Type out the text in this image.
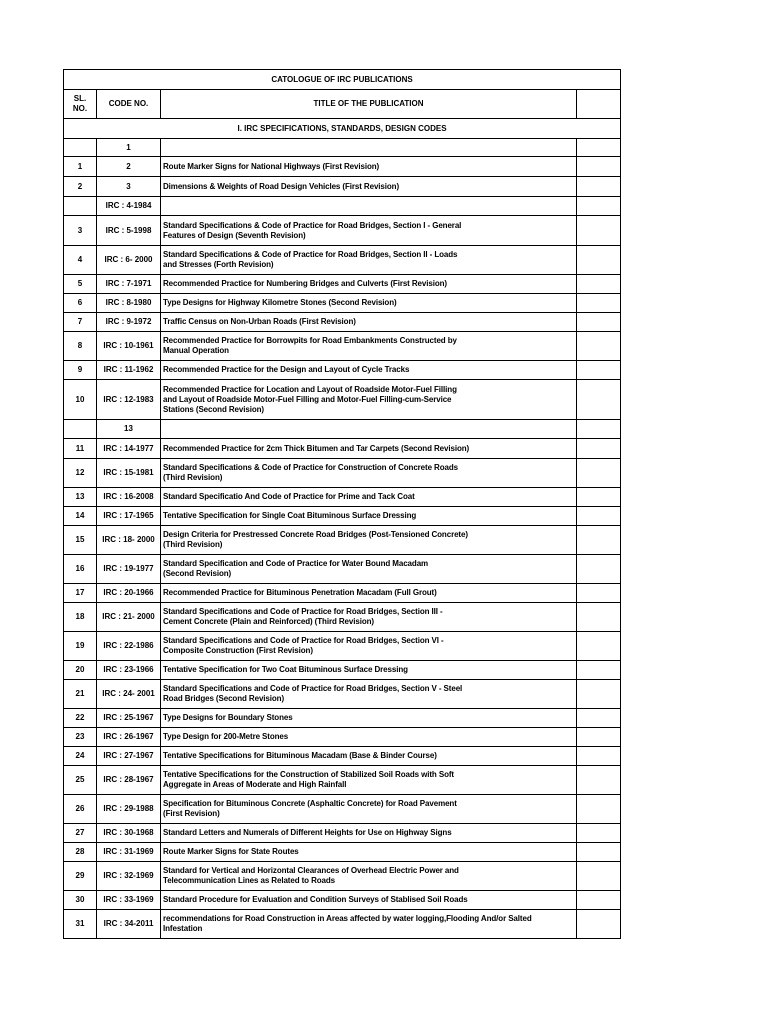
CATOLOGUE OF IRC PUBLICATIONS			
SL. NO.	CODE NO.	TITLE OF THE PUBLICATION	
I. IRC SPECIFICATIONS, STANDARDS, DESIGN CODES			
	1		
1	2	Route Marker Signs for National Highways (First Revision)	
2	3	Dimensions & Weights of Road Design Vehicles (First Revision)	
	IRC : 4-1984		
3	IRC : 5-1998	Standard Specifications & Code of Practice for Road Bridges, Section I - General
Features of Design (Seventh Revision)	
4	IRC : 6- 2000	Standard Specifications & Code of Practice for Road Bridges, Section II - Loads
and Stresses (Forth Revision)	
5	IRC : 7-1971	Recommended Practice for Numbering Bridges and Culverts (First Revision)	
6	IRC : 8-1980	Type Designs for Highway Kilometre Stones (Second Revision)	
7	IRC : 9-1972	Traffic Census on Non-Urban Roads (First Revision)	
8	IRC : 10-1961	Recommended Practice for Borrowpits for Road Embankments Constructed by
Manual Operation	
9	IRC : 11-1962	Recommended Practice for the Design and Layout of Cycle Tracks	
10	IRC : 12-1983	Recommended Practice for Location and Layout of Roadside Motor-Fuel Filling
and Layout of Roadside Motor-Fuel Filling and Motor-Fuel Filling-cum-Service
Stations (Second Revision)	
	13		
11	IRC : 14-1977	Recommended Practice for 2cm Thick Bitumen and Tar Carpets (Second Revision)	
12	IRC : 15-1981	Standard Specifications & Code of Practice for Construction of Concrete Roads
(Third Revision)	
13	IRC : 16-2008	Standard Specificatio And Code of Practice for Prime and Tack Coat	
14	IRC : 17-1965	Tentative Specification for Single Coat Bituminous Surface Dressing	
15	IRC : 18- 2000	Design Criteria for Prestressed Concrete Road Bridges (Post-Tensioned Concrete)
(Third Revision)	
16	IRC : 19-1977	Standard Specification and Code of Practice for Water Bound Macadam
(Second Revision)	
17	IRC : 20-1966	Recommended Practice for Bituminous Penetration Macadam (Full Grout)	
18	IRC : 21- 2000	Standard Specifications and Code of Practice for Road Bridges, Section III -
Cement Concrete (Plain and Reinforced) (Third Revision)	
19	IRC : 22-1986	Standard Specifications and Code of Practice for Road Bridges, Section VI -
Composite Construction (First Revision)	
20	IRC : 23-1966	Tentative Specification for Two Coat Bituminous Surface Dressing	
21	IRC : 24- 2001	Standard Specifications and Code of Practice for Road Bridges, Section V - Steel
Road Bridges (Second Revision)	
22	IRC : 25-1967	Type Designs for Boundary Stones	
23	IRC : 26-1967	Type Design for 200-Metre Stones	
24	IRC : 27-1967	Tentative Specifications for Bituminous Macadam (Base & Binder Course)	
25	IRC : 28-1967	Tentative Specifications for the Construction of Stabilized Soil Roads with Soft
Aggregate in Areas of Moderate and High Rainfall	
26	IRC : 29-1988	Specification for Bituminous Concrete (Asphaltic Concrete) for Road Pavement
(First Revision)	
27	IRC : 30-1968	Standard Letters and Numerals of Different Heights for Use on Highway Signs	
28	IRC : 31-1969	Route Marker Signs for State Routes	
29	IRC : 32-1969	Standard for Vertical and Horizontal Clearances of Overhead Electric Power and
Telecommunication Lines as Related to Roads	
30	IRC : 33-1969	Standard Procedure for Evaluation and Condition Surveys of Stablised Soil Roads	
31	IRC : 34-2011	recommendations for Road Construction in Areas affected by water logging,Flooding And/or Salted
Infestation	
